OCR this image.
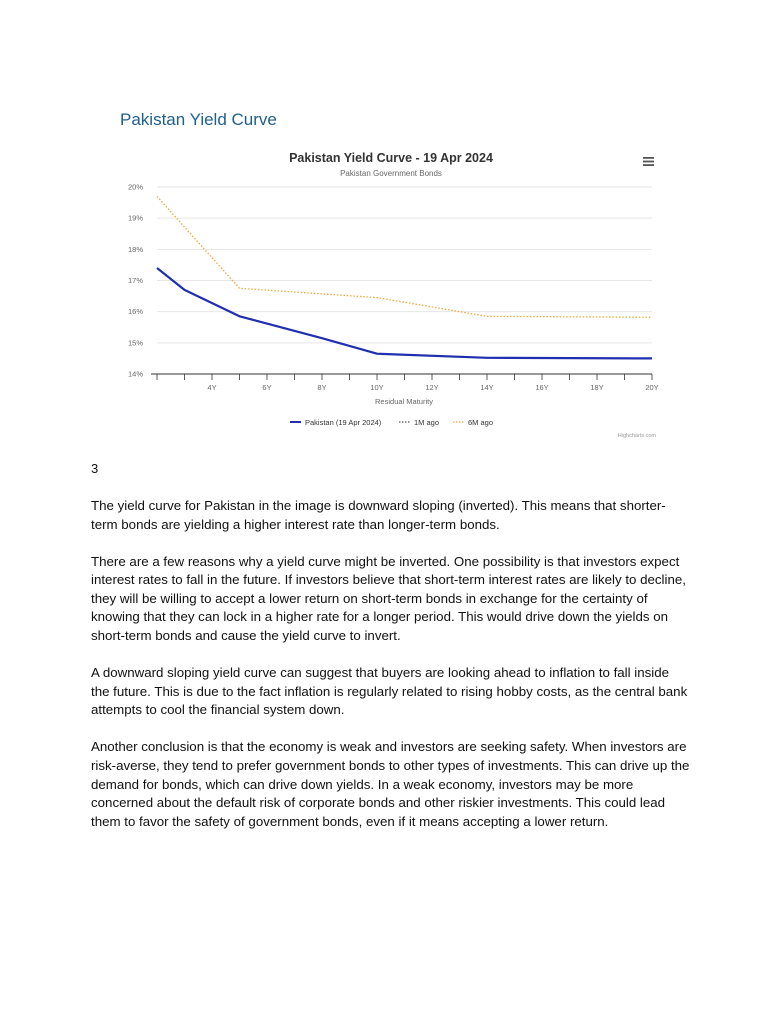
Pakistan Yield Curve
Pakistan Yield Curve - 19 Apr 2024
Pakistan Government Bonds
14%
15%
16%
17%
18%
19%
20%
4Y	6Y	8Y	10Y	12Y	14Y	16Y	18Y	20Y
Residual Maturity
Pakistan (19 Apr 2024)	1M ago	6M ago
Highcharts.com

3

The yield curve for Pakistan in the image is downward sloping (inverted). This means that shorter-term bonds are yielding a higher interest rate than longer-term bonds.

There are a few reasons why a yield curve might be inverted. One possibility is that investors expect interest rates to fall in the future. If investors believe that short-term interest rates are likely to decline, they will be willing to accept a lower return on short-term bonds in exchange for the certainty of knowing that they can lock in a higher rate for a longer period. This would drive down the yields on short-term bonds and cause the yield curve to invert.

A downward sloping yield curve can suggest that buyers are looking ahead to inflation to fall inside the future. This is due to the fact inflation is regularly related to rising hobby costs, as the central bank attempts to cool the financial system down.

Another conclusion is that the economy is weak and investors are seeking safety. When investors are risk-averse, they tend to prefer government bonds to other types of investments. This can drive up the demand for bonds, which can drive down yields. In a weak economy, investors may be more concerned about the default risk of corporate bonds and other riskier investments. This could lead them to favor the safety of government bonds, even if it means accepting a lower return.
